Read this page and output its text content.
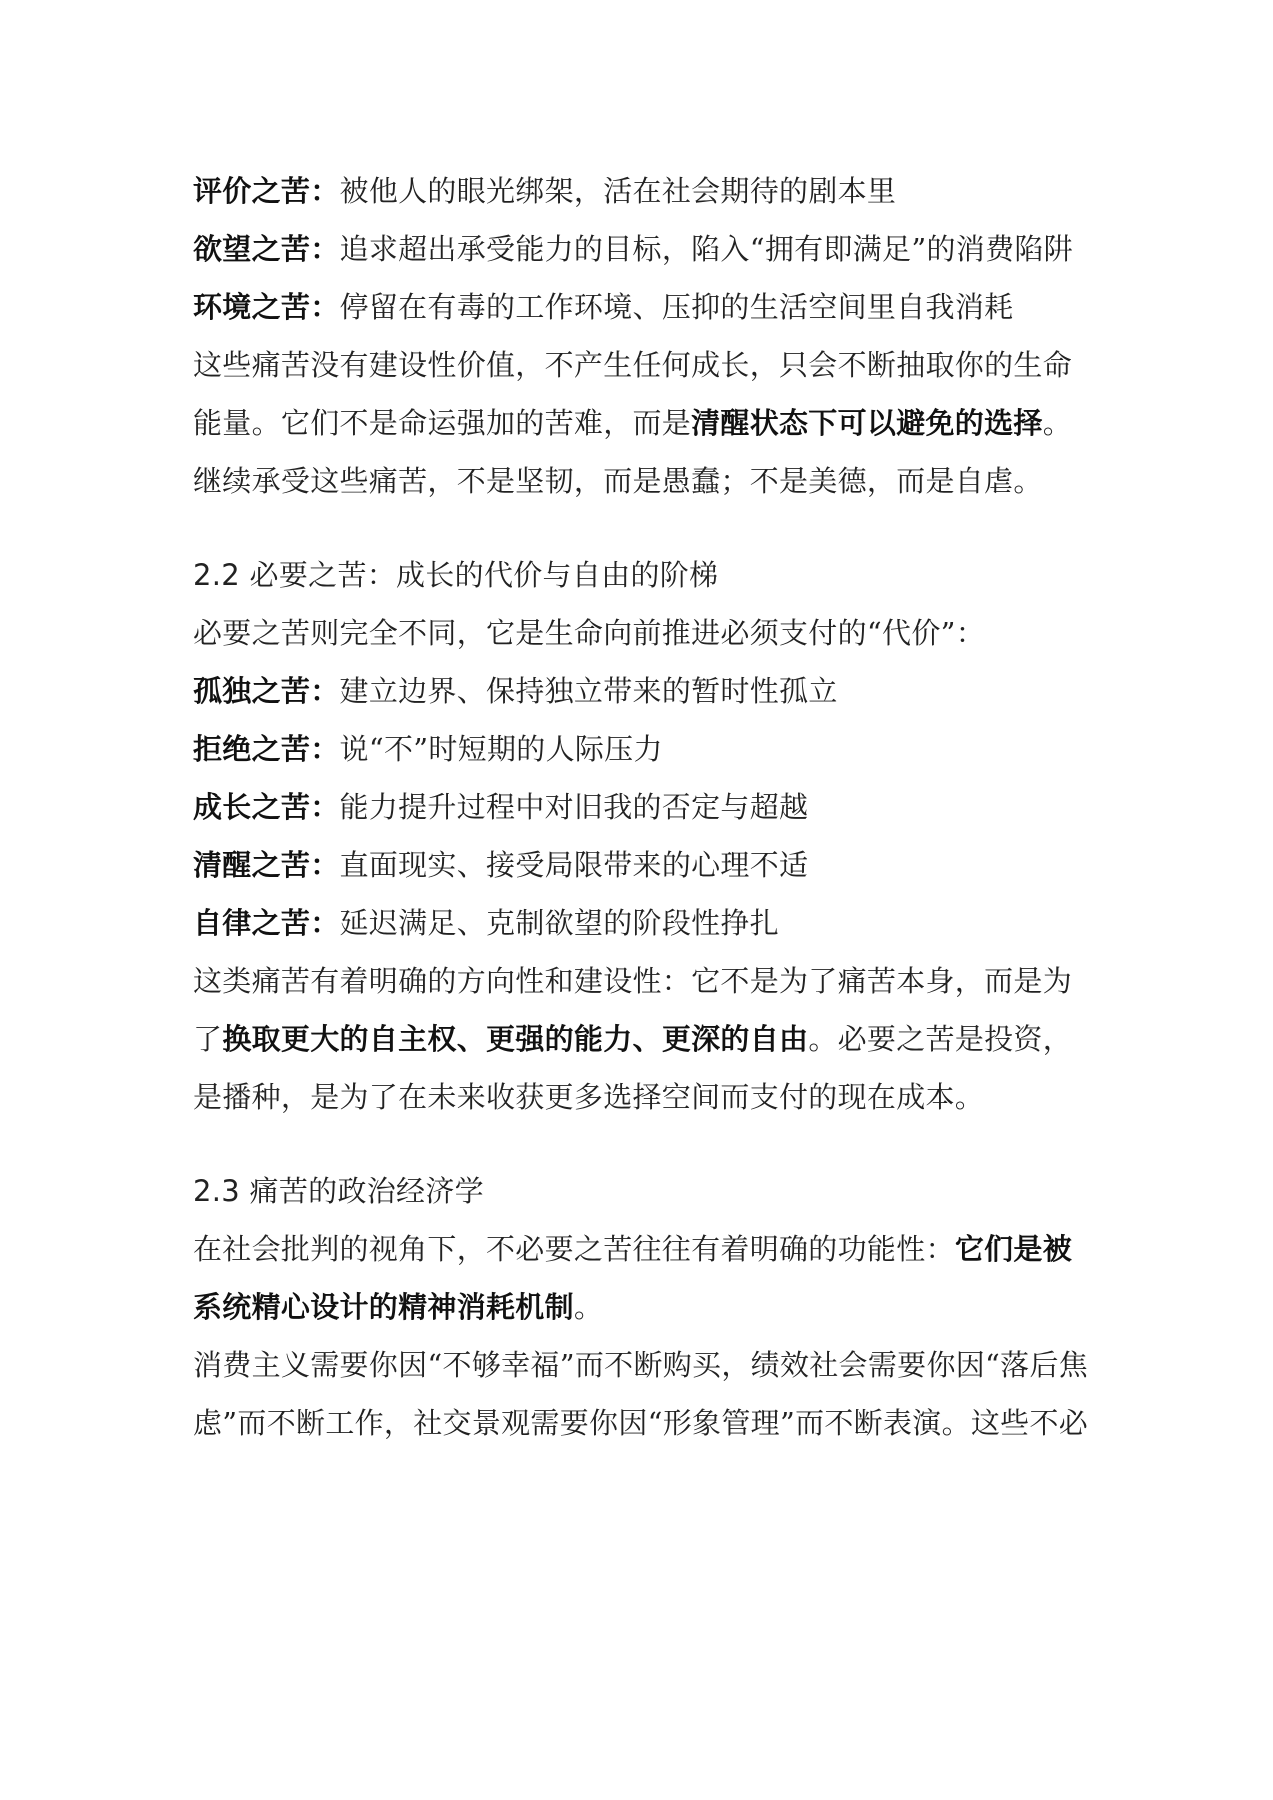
评价之苦：被他人的眼光绑架，活在社会期待的剧本里
欲望之苦：追求超出承受能力的目标，陷入“拥有即满足”的消费陷阱
环境之苦：停留在有毒的工作环境、压抑的生活空间里自我消耗
这些痛苦没有建设性价值，不产生任何成长，只会不断抽取你的生命
能量。它们不是命运强加的苦难，而是清醒状态下可以避免的选择。
继续承受这些痛苦，不是坚韧，而是愚蠢；不是美德，而是自虐。
2.2 必要之苦：成长的代价与自由的阶梯
必要之苦则完全不同，它是生命向前推进必须支付的“代价”：
孤独之苦：建立边界、保持独立带来的暂时性孤立
拒绝之苦：说“不”时短期的人际压力
成长之苦：能力提升过程中对旧我的否定与超越
清醒之苦：直面现实、接受局限带来的心理不适
自律之苦：延迟满足、克制欲望的阶段性挣扎
这类痛苦有着明确的方向性和建设性：它不是为了痛苦本身，而是为
了换取更大的自主权、更强的能力、更深的自由。必要之苦是投资，
是播种，是为了在未来收获更多选择空间而支付的现在成本。
2.3 痛苦的政治经济学
在社会批判的视角下，不必要之苦往往有着明确的功能性：它们是被
系统精心设计的精神消耗机制。
消费主义需要你因“不够幸福”而不断购买，绩效社会需要你因“落后焦
虑”而不断工作，社交景观需要你因“形象管理”而不断表演。这些不必
